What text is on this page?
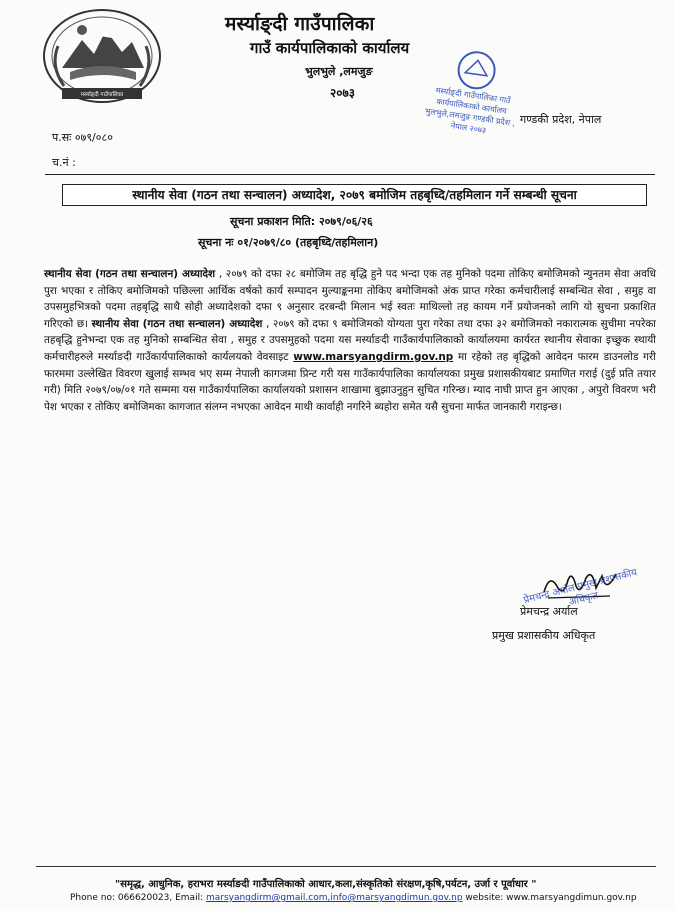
मर्स्याङ्दी गाउँपालिका
मर्स्याङ्दी गाउँपालिका
गाउँ कार्यपालिकाको कार्यालय
भुलभुले ,लमजुङ
२०७३	मर्स्याङ्दी गाउँपालिका गाउँ कार्यपालिकाको कार्यालय भुलभुले,लमजुङ गण्डकी प्रदेश , नेपाल २०७३
गण्डकी प्रदेश, नेपाल
प.सः ०७९/०८०
च.नं :
स्थानीय सेवा (गठन तथा सन्चालन) अध्यादेश, २०७९ बमोजिम तहबृध्दि/तहमिलान गर्ने सम्बन्धी सूचना
सूचना प्रकाशन मिति: २०७९/०६/२६
सूचना नः ०१/२०७९/८० (तहबृध्दि/तहमिलान)
स्थानीय सेवा (गठन तथा सन्चालन) अध्यादेश , २०७९ को दफा २८ बमोजिम तह बृद्धि हुने पद भन्दा एक तह मुनिको पदमा तोकिए बमोजिमको न्युनतम सेवा अवधि पुरा भएका र तोकिए बमोजिमको पछिल्ला आर्थिक वर्षको कार्य सम्पादन मुल्याङ्कनमा तोकिए बमोजिमको अंक प्राप्त गरेका कर्मचारीलाई सम्बन्धित सेवा , समुह वा उपसमुहभित्रको पदमा तहबृद्धि साथै सोही अध्यादेशको दफा ९ अनुसार दरबन्दी मिलान भई स्वतः माथिल्लो तह कायम गर्ने प्रयोजनको लागि यो सुचना प्रकाशित गरिएको छ। स्थानीय सेवा (गठन तथा सन्चालन) अध्यादेश , २०७९ को दफा ९ बमोजिमको योग्यता पुरा गरेका तथा दफा ३२ बमोजिमको नकारात्मक सुचीमा नपरेका तहबृद्धि हुनेभन्दा एक तह मुनिको सम्बन्धित सेवा , समुह र उपसमुहको पदमा यस मर्स्याङदी गाउँकार्यपालिकाको कार्यालयमा कार्यरत स्थानीय सेवाका इच्छुक स्थायी कर्मचारीहरुले मर्स्याङदी गाउँकार्यपालिकाको कार्यलयको वेवसाइट www.marsyangdirm.gov.np मा रहेको तह बृद्धिको आवेदन फारम डाउनलोड गरी फारममा उल्लेखित विवरण खुलाई सम्भव भए सम्म नेपाली कागजमा प्रिन्ट गरी यस गाउँकार्यपालिका कार्यालयका प्रमुख प्रशासकीयबाट प्रमाणित गराई (दुई प्रति तयार गरी) मिति २०७९/०७/०१ गते सम्ममा यस गाउँकार्यपालिका कार्यालयको प्रशासन शाखामा बुझाउनुहुन सुचित गरिन्छ। म्याद नाघी प्राप्त हुन आएका , अपुरो विवरण भरी पेश भएका र तोकिए बमोजिमका कागजात संलग्न नभएका आवेदन माथी कार्वाही नगरिने ब्यहोरा समेत यसै सुचना मार्फत जानकारी गराइन्छ।
प्रेमचन्द्र अर्याल प्रमुख प्रशासकीय अधिकृत
प्रेमचन्द्र अर्याल
प्रमुख प्रशासकीय अधिकृत
"समृद्ध, आधुनिक, हराभरा मर्स्याङदी गाउँपालिकाको आधार,कला,संस्कृतिको संरक्षण,कृषि,पर्यटन, उर्जा र पूर्वाधार "
Phone no: 066620023, Email: marsyangdirm@gmail.com,info@marsyangdimun.gov.np website: www.marsyangdimun.gov.np
